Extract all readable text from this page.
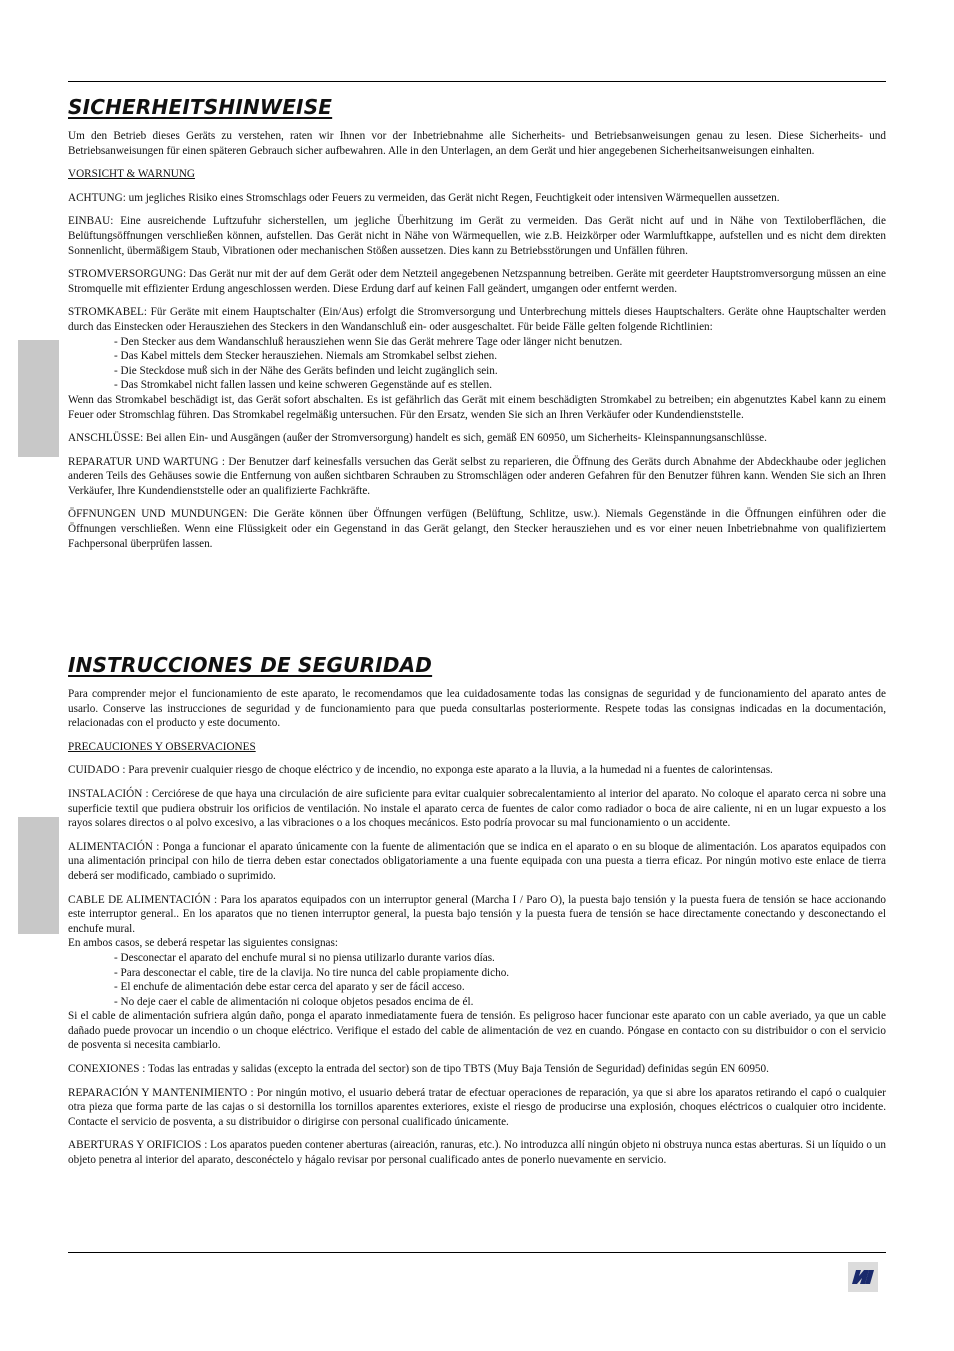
SICHERHEITSHINWEISE

Um den Betrieb dieses Geräts zu verstehen, raten wir Ihnen vor der Inbetriebnahme alle Sicherheits- und Betriebsanweisungen genau zu lesen. Diese Sicherheits- und Betriebsanweisungen für einen späteren Gebrauch sicher aufbewahren. Alle in den Unterlagen, an dem Gerät und hier angegebenen Sicherheitsanweisungen einhalten.

VORSICHT & WARNUNG

ACHTUNG: um jegliches Risiko eines Stromschlags oder Feuers zu vermeiden, das Gerät nicht Regen, Feuchtigkeit oder intensiven Wärmequellen aussetzen.

EINBAU: Eine ausreichende Luftzufuhr sicherstellen, um jegliche Überhitzung im Gerät zu vermeiden. Das Gerät nicht auf und in Nähe von Textiloberflächen, die Belüftungsöffnungen verschließen können, aufstellen. Das Gerät nicht in Nähe von Wärmequellen, wie z.B. Heizkörper oder Warmluftkappe, aufstellen und es nicht dem direkten Sonnenlicht, übermäßigem Staub, Vibrationen oder mechanischen Stößen aussetzen. Dies kann zu Betriebsstörungen und Unfällen führen.

STROMVERSORGUNG: Das Gerät nur mit der auf dem Gerät oder dem Netzteil angegebenen Netzspannung betreiben. Geräte mit geerdeter Hauptstromversorgung müssen an eine Stromquelle mit effizienter Erdung angeschlossen werden. Diese Erdung darf auf keinen Fall geändert, umgangen oder entfernt werden.

STROMKABEL: Für Geräte mit einem Hauptschalter (Ein/Aus) erfolgt die Stromversorgung und Unterbrechung mittels dieses Hauptschalters. Geräte ohne Hauptschalter werden durch das Einstecken oder Herausziehen des Steckers in den Wandanschluß ein- oder ausgeschaltet. Für beide Fälle gelten folgende Richtlinien:

- Den Stecker aus dem Wandanschluß herausziehen wenn Sie das Gerät mehrere Tage oder länger nicht benutzen.
- Das Kabel mittels dem Stecker herausziehen. Niemals am Stromkabel selbst ziehen.
- Die Steckdose muß sich in der Nähe des Geräts befinden und leicht zugänglich sein.
- Das Stromkabel nicht fallen lassen und keine schweren Gegenstände auf es stellen.

Wenn das Stromkabel beschädigt ist, das Gerät sofort abschalten. Es ist gefährlich das Gerät mit einem beschädigten Stromkabel zu betreiben; ein abgenutztes Kabel kann zu einem Feuer oder Stromschlag führen. Das Stromkabel regelmäßig untersuchen. Für den Ersatz, wenden Sie sich an Ihren Verkäufer oder Kundendienststelle.

ANSCHLÜSSE: Bei allen Ein- und Ausgängen (außer der Stromversorgung) handelt es sich, gemäß EN 60950, um Sicherheits- Kleinspannungsanschlüsse.

REPARATUR UND WARTUNG : Der Benutzer darf keinesfalls versuchen das Gerät selbst zu reparieren, die Öffnung des Geräts durch Abnahme der Abdeckhaube oder jeglichen anderen Teils des Gehäuses sowie die Entfernung von außen sichtbaren Schrauben zu Stromschlägen oder anderen Gefahren für den Benutzer führen kann. Wenden Sie sich an Ihren Verkäufer, Ihre Kundendienststelle oder an qualifizierte Fachkräfte.

ÖFFNUNGEN UND MUNDUNGEN: Die Geräte können über Öffnungen verfügen (Belüftung, Schlitze, usw.). Niemals Gegenstände in die Öffnungen einführen oder die Öffnungen verschließen. Wenn eine Flüssigkeit oder ein Gegenstand in das Gerät gelangt, den Stecker herausziehen und es vor einer neuen Inbetriebnahme von qualifiziertem Fachpersonal überprüfen lassen.

INSTRUCCIONES DE SEGURIDAD

Para comprender mejor el funcionamiento de este aparato, le recomendamos que lea cuidadosamente todas las consignas de seguridad y de funcionamiento del aparato antes de usarlo. Conserve las instrucciones de seguridad y de funcionamiento para que pueda consultarlas posteriormente. Respete todas las consignas indicadas en la documentación, relacionadas con el producto y este documento.

PRECAUCIONES Y OBSERVACIONES

CUIDADO : Para prevenir cualquier riesgo de choque eléctrico y de incendio, no exponga este aparato a la lluvia, a la humedad ni a fuentes de calorintensas.

INSTALACIÓN : Cerciórese de que haya una circulación de aire suficiente para evitar cualquier sobrecalentamiento al interior del aparato. No coloque el aparato cerca ni sobre una superficie textil que pudiera obstruir los orificios de ventilación. No instale el aparato cerca de fuentes de calor como radiador o boca de aire caliente, ni en un lugar expuesto a los rayos solares directos o al polvo excesivo, a las vibraciones o a los choques mecánicos. Esto podría provocar su mal funcionamiento o un accidente.

ALIMENTACIÓN : Ponga a funcionar el aparato únicamente con la fuente de alimentación que se indica en el aparato o en su bloque de alimentación. Los aparatos equipados con una alimentación principal con hilo de tierra deben estar conectados obligatoriamente a una fuente equipada con una puesta a tierra eficaz. Por ningún motivo este enlace de tierra deberá ser modificado, cambiado o suprimido.

CABLE DE ALIMENTACIÓN : Para los aparatos equipados con un interruptor general (Marcha I / Paro O), la puesta bajo tensión y la puesta fuera de tensión se hace accionando este interruptor general.. En los aparatos que no tienen interruptor general, la puesta bajo tensión y la puesta fuera de tensión se hace directamente conectando y desconectando el enchufe mural.

En ambos casos, se deberá respetar las siguientes consignas:

- Desconectar el aparato del enchufe mural si no piensa utilizarlo durante varios días.
- Para desconectar el cable, tire de la clavija. No tire nunca del cable propiamente dicho.
- El enchufe de alimentación debe estar cerca del aparato y ser de fácil acceso.
- No deje caer el cable de alimentación ni coloque objetos pesados encima de él.

Si el cable de alimentación sufriera algún daño, ponga el aparato inmediatamente fuera de tensión. Es peligroso hacer funcionar este aparato con un cable averiado, ya que un cable dañado puede provocar un incendio o un choque eléctrico. Verifique el estado del cable de alimentación de vez en cuando. Póngase en contacto con su distribuidor o con el servicio de posventa si necesita cambiarlo.

CONEXIONES : Todas las entradas y salidas (excepto la entrada del sector) son de tipo TBTS (Muy Baja Tensión de Seguridad) definidas según EN 60950.

REPARACIÓN Y MANTENIMIENTO : Por ningún motivo, el usuario deberá tratar de efectuar operaciones de reparación, ya que si abre los aparatos retirando el capó o cualquier otra pieza que forma parte de las cajas o si destornilla los tornillos aparentes exteriores, existe el riesgo de producirse una explosión, choques eléctricos o cualquier otro incidente. Contacte el servicio de posventa, a su distribuidor o dirigirse con personal cualificado únicamente.

ABERTURAS Y ORIFICIOS : Los aparatos pueden contener aberturas (aireación, ranuras, etc.). No introduzca allí ningún objeto ni obstruya nunca estas aberturas. Si un líquido o un objeto penetra al interior del aparato, desconéctelo y hágalo revisar por personal cualificado antes de ponerlo nuevamente en servicio.
